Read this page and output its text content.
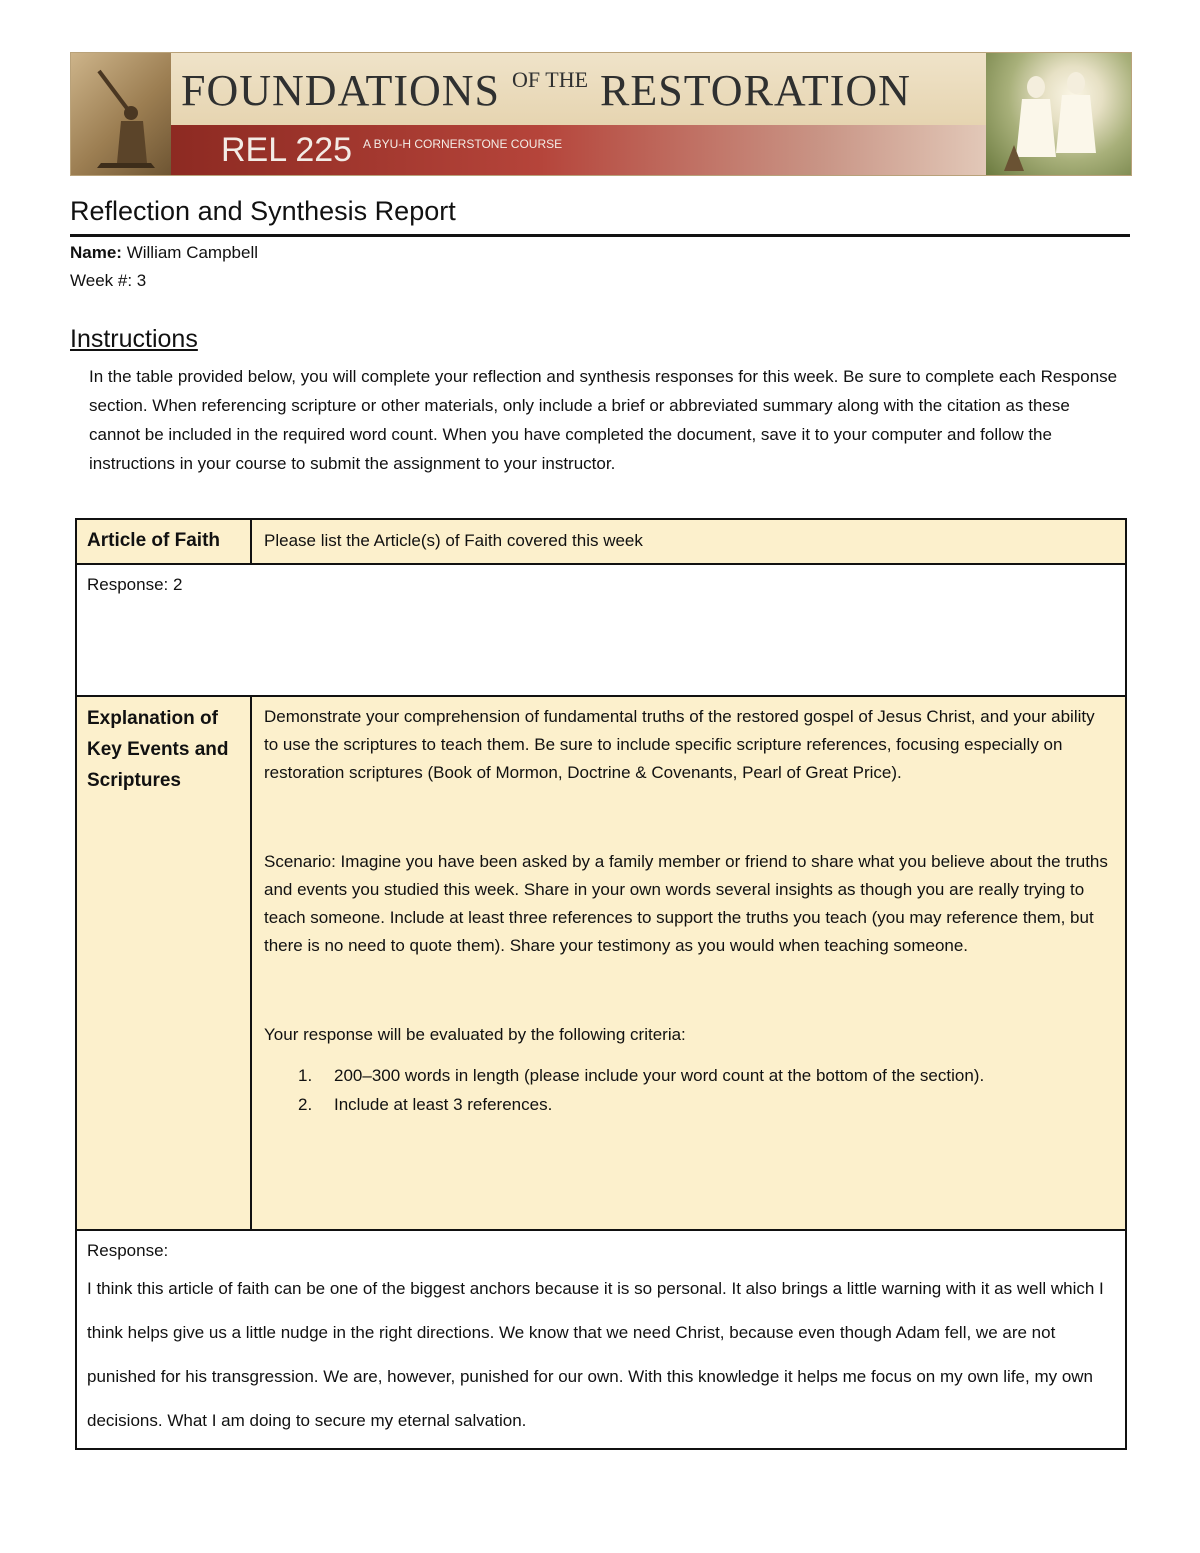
FOUNDATIONS $^{OF THE}$ RESTORATION
REL 225 A BYU-H CORNERSTONE COURSE
Reflection and Synthesis Report
Name: William Campbell
Week #: 3
Instructions

In the table provided below, you will complete your reflection and synthesis responses for this week. Be sure to complete each Response section. When referencing scripture or other materials, only include a brief or abbreviated summary along with the citation as these cannot be included in the required word count. When you have completed the document, save it to your computer and follow the instructions in your course to submit the assignment to your instructor.

Article of Faith	Please list the Article(s) of Faith covered this week
Response: 2
Explanation of Key Events and Scriptures

Demonstrate your comprehension of fundamental truths of the restored gospel of Jesus Christ, and your ability to use the scriptures to teach them. Be sure to include specific scripture references, focusing especially on restoration scriptures (Book of Mormon, Doctrine & Covenants, Pearl of Great Price).

Scenario: Imagine you have been asked by a family member or friend to share what you believe about the truths and events you studied this week. Share in your own words several insights as though you are really trying to teach someone. Include at least three references to support the truths you teach (you may reference them, but there is no need to quote them). Share your testimony as you would when teaching someone.

Your response will be evaluated by the following criteria:

1.	200–300 words in length (please include your word count at the bottom of the section).
2.	Include at least 3 references.

Response:

I think this article of faith can be one of the biggest anchors because it is so personal. It also brings a little warning with it as well which I think helps give us a little nudge in the right directions. We know that we need Christ, because even though Adam fell, we are not punished for his transgression. We are, however, punished for our own. With this knowledge it helps me focus on my own life, my own decisions. What I am doing to secure my eternal salvation.
